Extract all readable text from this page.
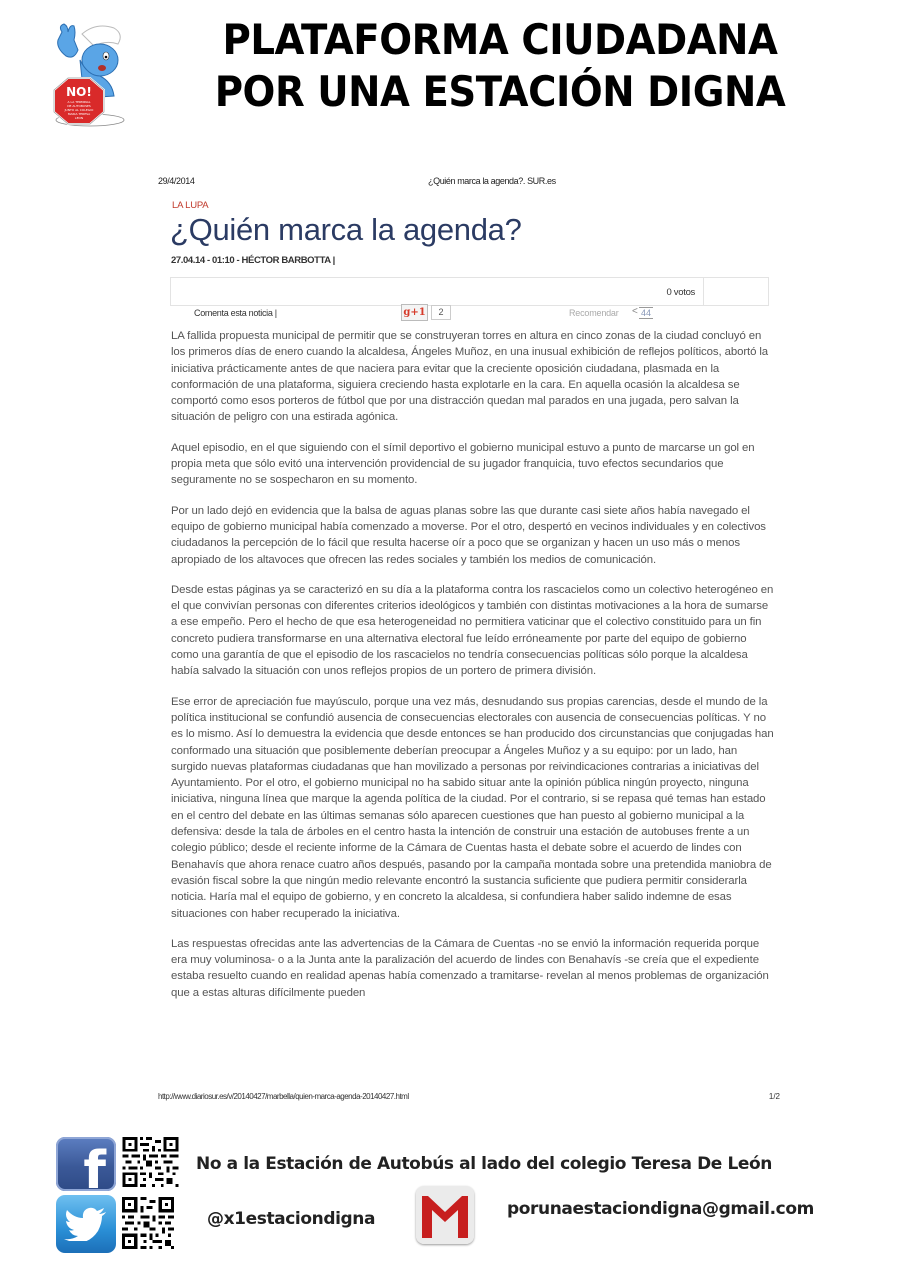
NO!
A LA TERMINAL
DE AUTOBUSES
JUNTO AL COLEGIO
MARIA TERESA
LEON
PLATAFORMA CIUDADANA
POR UNA ESTACIÓN DIGNA
29/4/2014	¿Quién marca la agenda?. SUR.es
LA LUPA
¿Quién marca la agenda?
27.04.14 - 01:10 - HÉCTOR BARBOTTA |
0 votos
Comenta esta noticia |	g+1	2	Recomendar < 44

LA fallida propuesta municipal de permitir que se construyeran torres en altura en cinco zonas de la ciudad concluyó en los primeros días de enero cuando la alcaldesa, Ángeles Muñoz, en una inusual exhibición de reflejos políticos, abortó la iniciativa prácticamente antes de que naciera para evitar que la creciente oposición ciudadana, plasmada en la conformación de una plataforma, siguiera creciendo hasta explotarle en la cara. En aquella ocasión la alcaldesa se comportó como esos porteros de fútbol que por una distracción quedan mal parados en una jugada, pero salvan la situación de peligro con una estirada agónica.

Aquel episodio, en el que siguiendo con el símil deportivo el gobierno municipal estuvo a punto de marcarse un gol en propia meta que sólo evitó una intervención providencial de su jugador franquicia, tuvo efectos secundarios que seguramente no se sospecharon en su momento.

Por un lado dejó en evidencia que la balsa de aguas planas sobre las que durante casi siete años había navegado el equipo de gobierno municipal había comenzado a moverse. Por el otro, despertó en vecinos individuales y en colectivos ciudadanos la percepción de lo fácil que resulta hacerse oír a poco que se organizan y hacen un uso más o menos apropiado de los altavoces que ofrecen las redes sociales y también los medios de comunicación.

Desde estas páginas ya se caracterizó en su día a la plataforma contra los rascacielos como un colectivo heterogéneo en el que convivían personas con diferentes criterios ideológicos y también con distintas motivaciones a la hora de sumarse a ese empeño. Pero el hecho de que esa heterogeneidad no permitiera vaticinar que el colectivo constituido para un fin concreto pudiera transformarse en una alternativa electoral fue leído erróneamente por parte del equipo de gobierno como una garantía de que el episodio de los rascacielos no tendría consecuencias políticas sólo porque la alcaldesa había salvado la situación con unos reflejos propios de un portero de primera división.

Ese error de apreciación fue mayúsculo, porque una vez más, desnudando sus propias carencias, desde el mundo de la política institucional se confundió ausencia de consecuencias electorales con ausencia de consecuencias políticas. Y no es lo mismo. Así lo demuestra la evidencia que desde entonces se han producido dos circunstancias que conjugadas han conformado una situación que posiblemente deberían preocupar a Ángeles Muñoz y a su equipo: por un lado, han surgido nuevas plataformas ciudadanas que han movilizado a personas por reivindicaciones contrarias a iniciativas del Ayuntamiento. Por el otro, el gobierno municipal no ha sabido situar ante la opinión pública ningún proyecto, ninguna iniciativa, ninguna línea que marque la agenda política de la ciudad. Por el contrario, si se repasa qué temas han estado en el centro del debate en las últimas semanas sólo aparecen cuestiones que han puesto al gobierno municipal a la defensiva: desde la tala de árboles en el centro hasta la intención de construir una estación de autobuses frente a un colegio público; desde el reciente informe de la Cámara de Cuentas hasta el debate sobre el acuerdo de lindes con Benahavís que ahora renace cuatro años después, pasando por la campaña montada sobre una pretendida maniobra de evasión fiscal sobre la que ningún medio relevante encontró la sustancia suficiente que pudiera permitir considerarla noticia. Haría mal el equipo de gobierno, y en concreto la alcaldesa, si confundiera haber salido indemne de esas situaciones con haber recuperado la iniciativa.

Las respuestas ofrecidas ante las advertencias de la Cámara de Cuentas -no se envió la información requerida porque era muy voluminosa- o a la Junta ante la paralización del acuerdo de lindes con Benahavís -se creía que el expediente estaba resuelto cuando en realidad apenas había comenzado a tramitarse- revelan al menos problemas de organización que a estas alturas difícilmente pueden

http://www.diariosur.es/v/20140427/marbella/quien-marca-agenda-20140427.html	1/2
f	No a la Estación de Autobús al lado del colegio Teresa De León
@x1estaciondigna	porunaestaciondigna@gmail.com
